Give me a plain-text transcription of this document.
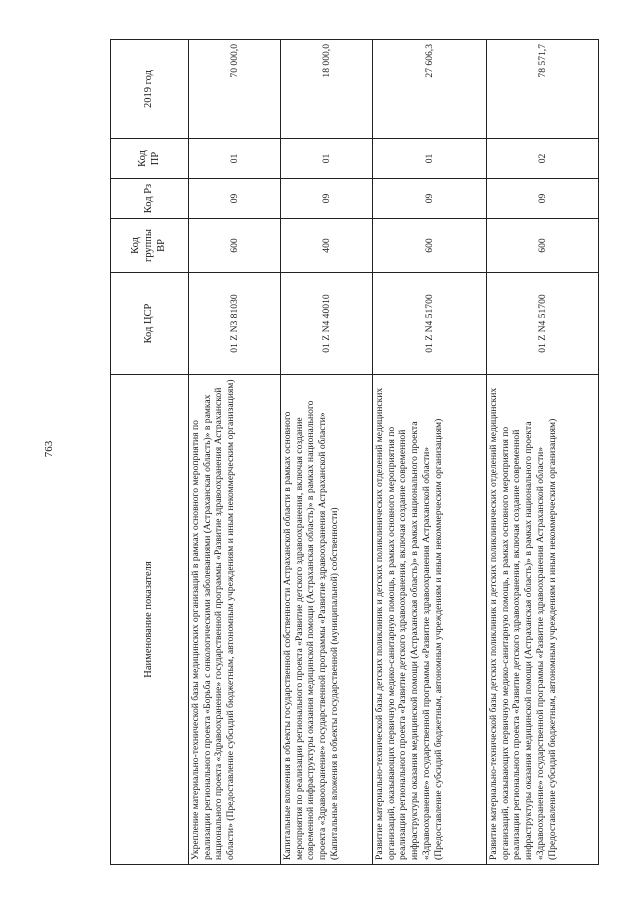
763
Наименование показателя	Код ЦСР	Код группы ВР	Код Рз	Код ПР	2019 год
Укрепление материально-технической базы медицинских организаций в рамках основного мероприятия по реализации регионального проекта «Борьба с онкологическими заболеваниями (Астраханская область)» в рамках национального проекта «Здравоохранение» государственной программы «Развитие здравоохранения Астраханской области» (Предоставление субсидий бюджетным, автономным учреждениям и иным некоммерческим организациям)	01 Z N3 81030	600	09	01	70 000,0
Капитальные вложения в объекты государственной собственности Астраханской области в рамках основного мероприятия по реализации регионального проекта «Развитие детского здравоохранения, включая создание современной инфраструктуры оказания медицинской помощи (Астраханская область)» в рамках национального проекта «Здравоохранение» государственной программы «Развитие здравоохранения Астраханской области» (Капитальные вложения в объекты государственной (муниципальной) собственности)	01 Z N4 40010	400	09	01	18 000,0
Развитие материально-технической базы детских поликлиник и детских поликлинических отделений медицинских организаций, оказывающих первичную медико-санитарную помощь, в рамках основного мероприятия по реализации регионального проекта «Развитие детского здравоохранения, включая создание современной инфраструктуры оказания медицинской помощи (Астраханская область)» в рамках национального проекта «Здравоохранение» государственной программы «Развитие здравоохранения Астраханской области» (Предоставление субсидий бюджетным, автономным учреждениям и иным некоммерческим организациям)	01 Z N4 51700	600	09	01	27 606,3
Развитие материально-технической базы детских поликлиник и детских поликлинических отделений медицинских организаций, оказывающих первичную медико-санитарную помощь, в рамках основного мероприятия по реализации регионального проекта «Развитие детского здравоохранения, включая создание современной инфраструктуры оказания медицинской помощи (Астраханская область)» в рамках национального проекта «Здравоохранение» государственной программы «Развитие здравоохранения Астраханской области» (Предоставление субсидий бюджетным, автономным учреждениям и иным некоммерческим организациям)	01 Z N4 51700	600	09	02	78 571,7
